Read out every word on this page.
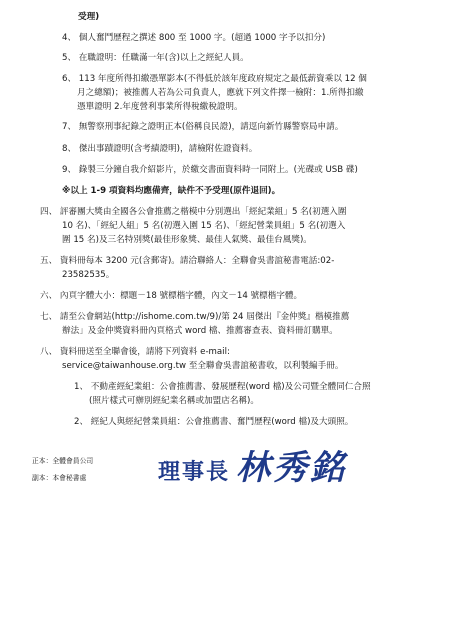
受理)
4、 個人奮鬥歷程之撰述 800 至 1000 字。(超過 1000 字予以扣分)
5、 在職證明：任職滿一年(含)以上之經紀人員。
6、 113 年度所得扣繳憑單影本(不得低於該年度政府規定之最低薪資乘以 12 個
月之總額)；被推薦人若為公司負責人，應就下列文件擇一檢附：1.所得扣繳
憑單證明 2.年度營利事業所得稅繳稅證明。
7、 無警察刑事紀錄之證明正本(俗稱良民證)，請逕向新竹縣警察局申請。
8、 傑出事蹟證明(含考績證明)，請檢附佐證資料。
9、 錄製三分鐘自我介紹影片，於繳交書面資料時一同附上。(光碟或 USB 碟)
※以上 1-9 項資料均應備齊，缺件不予受理(原件退回)。
四、 評審團大獎由全國各公會推薦之楷模中分別選出「經紀業組」5 名(初選入圍
10 名)、「經紀人組」5 名(初選入圍 15 名)、「經紀營業員組」5 名(初選入
圍 15 名)及三名特別獎(最佳形象獎、最佳人氣獎、最佳台風獎)。
五、 資料冊每本 3200 元(含郵寄)。請洽聯絡人：全聯會吳書誼秘書電話:02-
23582535。
六、 內頁字體大小：標題－18 號標楷字體，內文－14 號標楷字體。
七、 請至公會網站(http://ishome.com.tw/9)/第 24 屆傑出『金仲獎』楷模推薦
辦法」及金仲獎資料冊內頁格式 word 檔、推薦審查表、資料冊訂購單。
八、 資料冊送至全聯會後，請將下列資料 e-mail:
service@taiwanhouse.org.tw 至全聯會吳書誼秘書收，以利製編手冊。
1、 不動產經紀業組：公會推薦書、發展歷程(word 檔)及公司暨全體同仁合照
(照片樣式可辦別經紀業名稱或加盟店名稱)。
2、 經紀人與經紀營業員組：公會推薦書、奮鬥歷程(word 檔)及大頭照。
正本：全體會員公司
副本：本會秘書處	理事長 林秀銘
